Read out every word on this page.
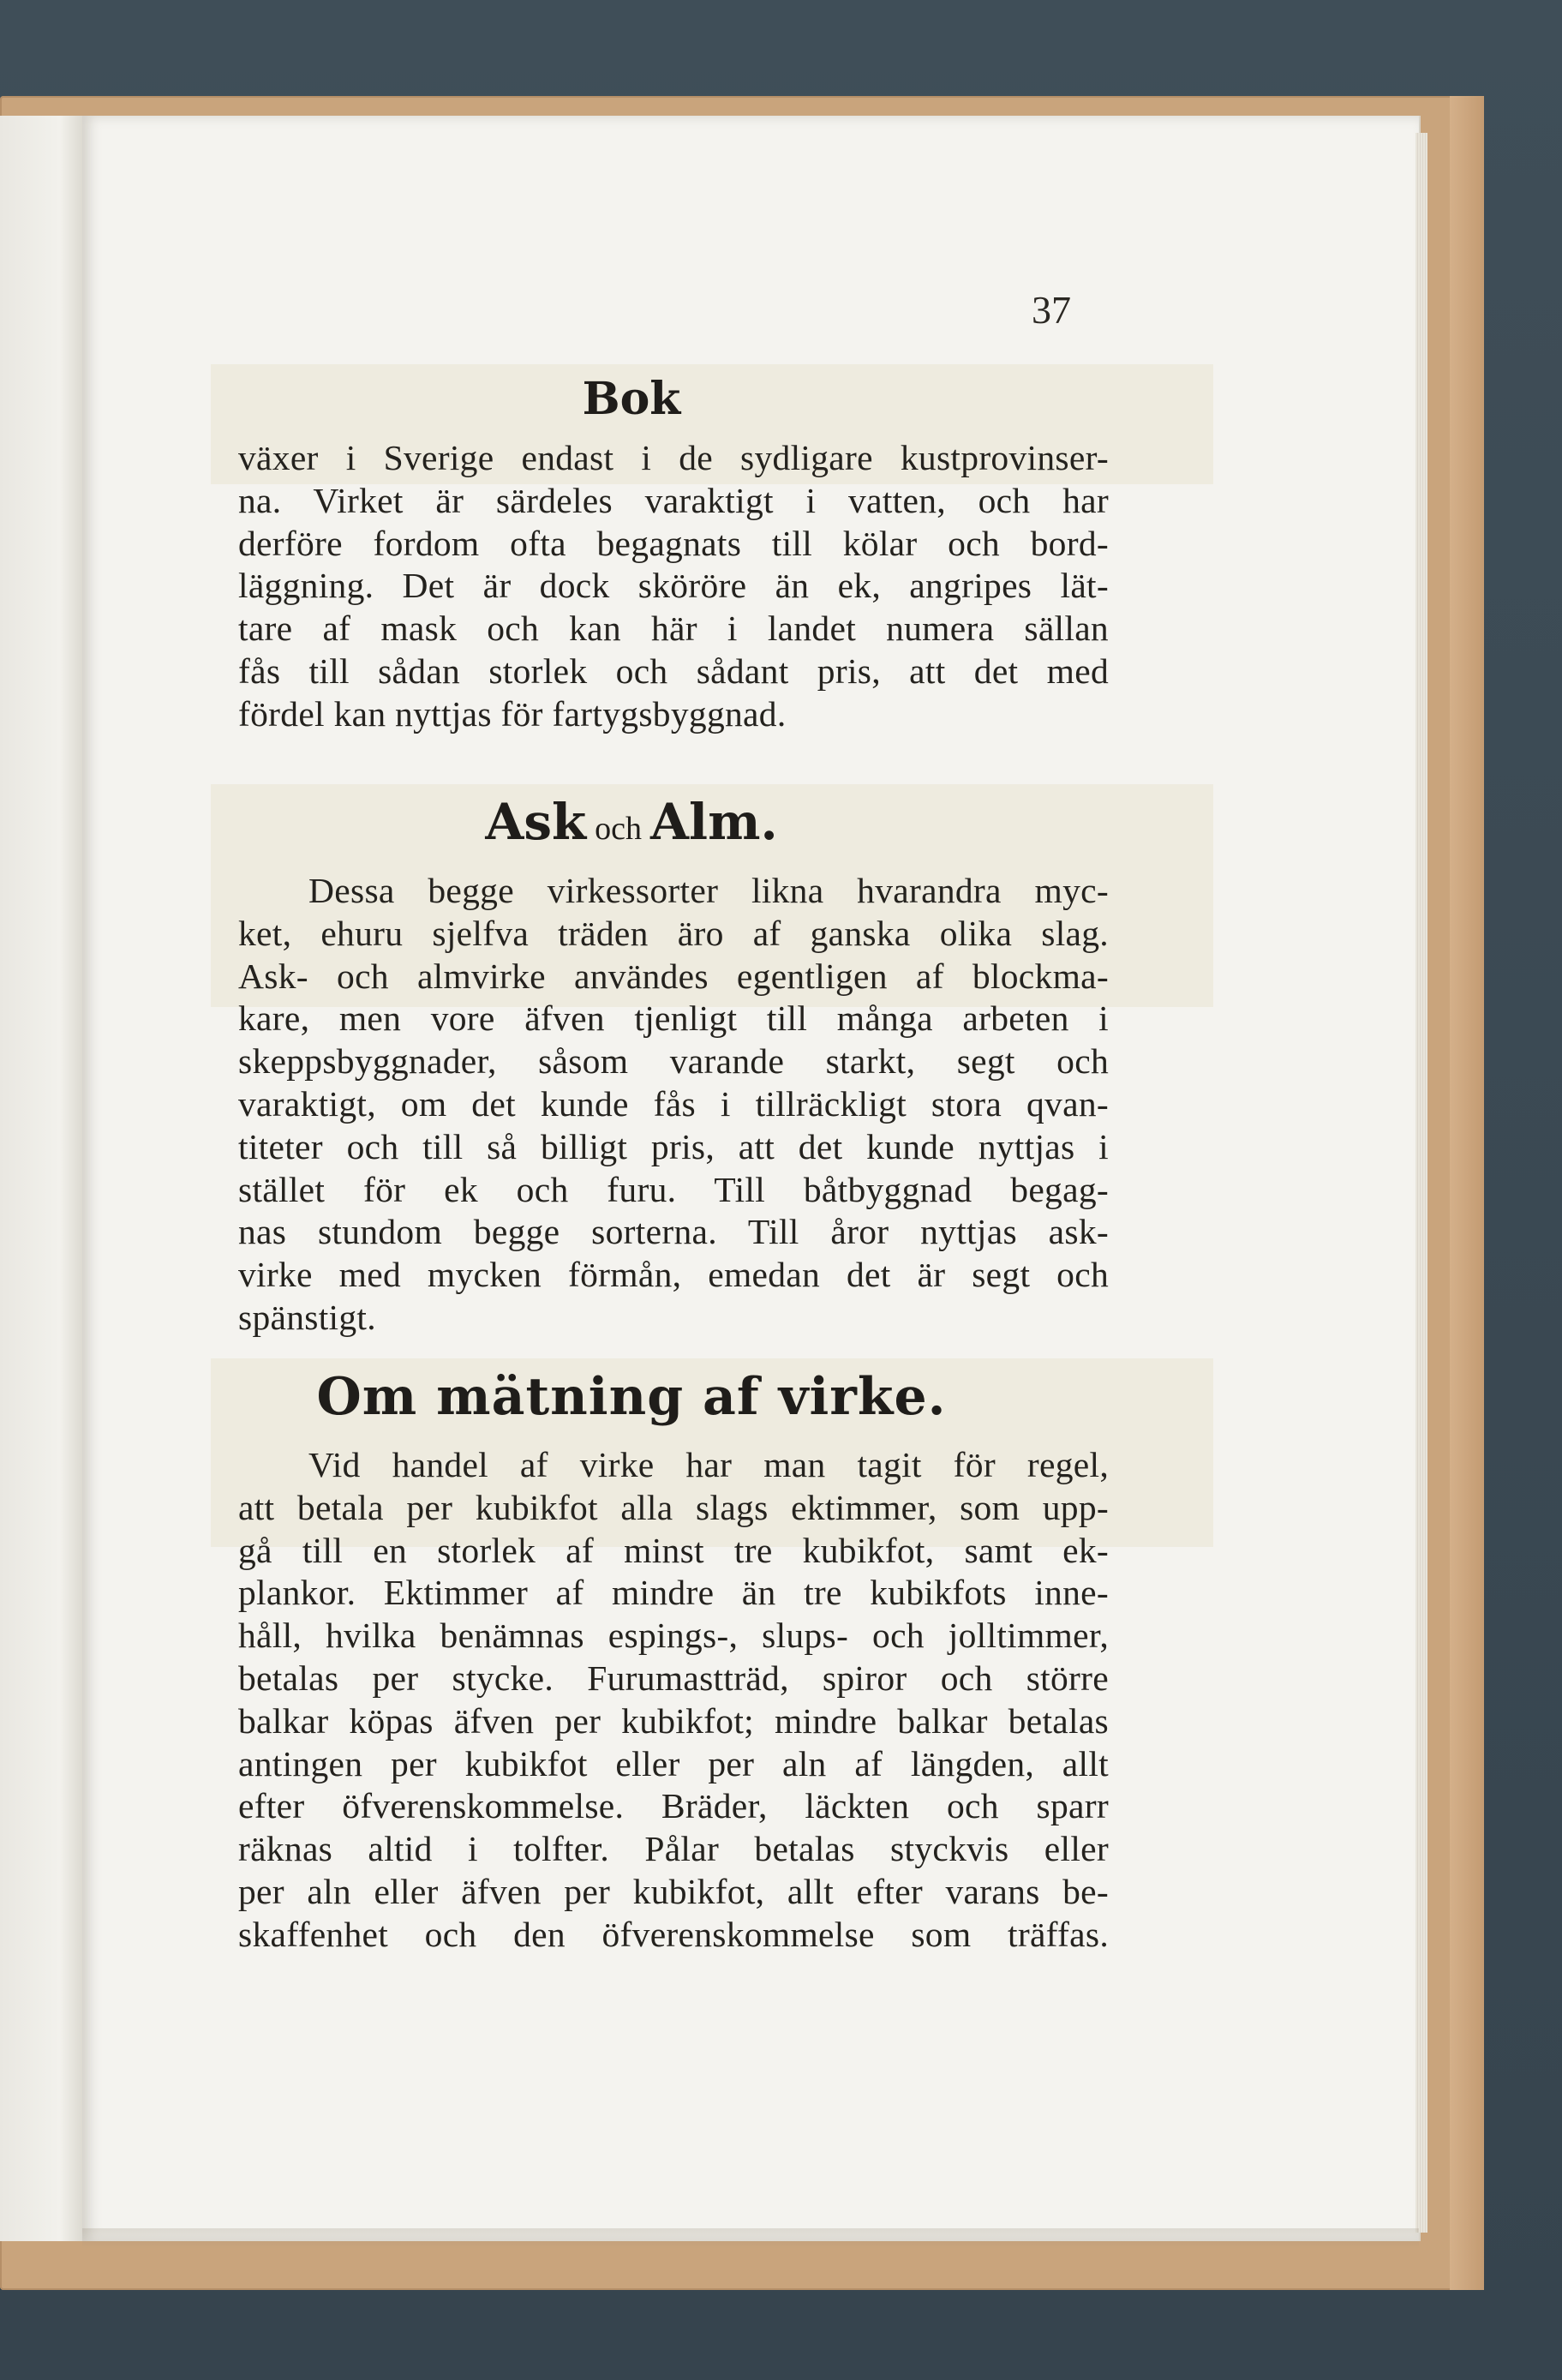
37
Bok
växer i Sverige endast i de sydligare kustprovinser-
na. Virket är särdeles varaktigt i vatten, och har
derföre fordom ofta begagnats till kölar och bord-
läggning. Det är dock sköröre än ek, angripes lät-
tare af mask och kan här i landet numera sällan
fås till sådan storlek och sådant pris, att det med
fördel kan nyttjas för fartygsbyggnad.
Ask och Alm.
Dessa begge virkessorter likna hvarandra myc-
ket, ehuru sjelfva träden äro af ganska olika slag.
Ask- och almvirke användes egentligen af blockma-
kare, men vore äfven tjenligt till många arbeten i
skeppsbyggnader, såsom varande starkt, segt och
varaktigt, om det kunde fås i tillräckligt stora qvan-
titeter och till så billigt pris, att det kunde nyttjas i
stället för ek och furu. Till båtbyggnad begag-
nas stundom begge sorterna. Till åror nyttjas ask-
virke med mycken förmån, emedan det är segt och
spänstigt.
Om mätning af virke.
Vid handel af virke har man tagit för regel,
att betala per kubikfot alla slags ektimmer, som upp-
gå till en storlek af minst tre kubikfot, samt ek-
plankor. Ektimmer af mindre än tre kubikfots inne-
håll, hvilka benämnas espings-, slups- och jolltimmer,
betalas per stycke. Furumastträd, spiror och större
balkar köpas äfven per kubikfot; mindre balkar betalas
antingen per kubikfot eller per aln af längden, allt
efter öfverenskommelse. Bräder, läckten och sparr
räknas altid i tolfter. Pålar betalas styckvis eller
per aln eller äfven per kubikfot, allt efter varans be-
skaffenhet och den öfverenskommelse som träffas.
